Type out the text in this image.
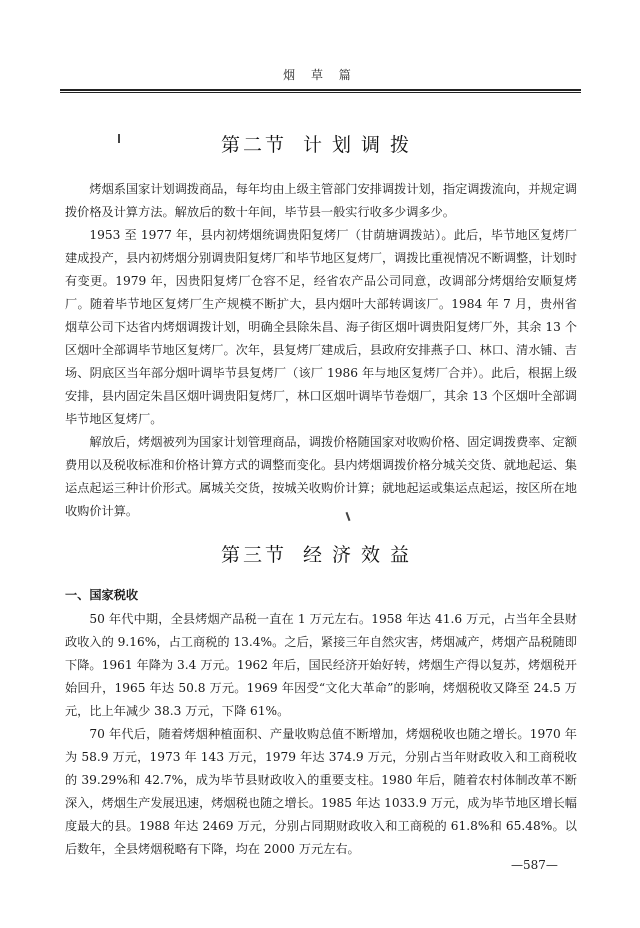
烟 草 篇
第二节 计划调拨

烤烟系国家计划调拨商品，每年均由上级主管部门安排调拨计划，指定调拨流向，并规定调拨价格及计算方法。解放后的数十年间，毕节县一般实行收多少调多少。

1953 至 1977 年，县内初烤烟统调贵阳复烤厂（甘荫塘调拨站）。此后，毕节地区复烤厂建成投产，县内初烤烟分别调贵阳复烤厂和毕节地区复烤厂，调拨比重视情况不断调整，计划时有变更。1979 年，因贵阳复烤厂仓容不足，经省农产品公司同意，改调部分烤烟给安顺复烤厂。随着毕节地区复烤厂生产规模不断扩大，县内烟叶大部转调该厂。1984 年 7 月，贵州省烟草公司下达省内烤烟调拨计划，明确全县除朱昌、海子街区烟叶调贵阳复烤厂外，其余 13 个区烟叶全部调毕节地区复烤厂。次年，县复烤厂建成后，县政府安排燕子口、林口、清水铺、吉场、阴底区当年部分烟叶调毕节县复烤厂（该厂 1986 年与地区复烤厂合并）。此后，根据上级安排，县内固定朱昌区烟叶调贵阳复烤厂，林口区烟叶调毕节卷烟厂，其余 13 个区烟叶全部调毕节地区复烤厂。

解放后，烤烟被列为国家计划管理商品，调拨价格随国家对收购价格、固定调拨费率、定额费用以及税收标准和价格计算方式的调整而变化。县内烤烟调拨价格分城关交货、就地起运、集运点起运三种计价形式。属城关交货，按城关收购价计算；就地起运或集运点起运，按区所在地收购价计算。

第三节 经济效益
一、国家税收

50 年代中期，全县烤烟产品税一直在 1 万元左右。1958 年达 41.6 万元，占当年全县财政收入的 9.16%，占工商税的 13.4%。之后，紧接三年自然灾害，烤烟减产，烤烟产品税随即下降。1961 年降为 3.4 万元。1962 年后，国民经济开始好转，烤烟生产得以复苏，烤烟税开始回升，1965 年达 50.8 万元。1969 年因受“文化大革命”的影响，烤烟税收又降至 24.5 万元，比上年减少 38.3 万元，下降 61%。

70 年代后，随着烤烟种植面积、产量收购总值不断增加，烤烟税收也随之增长。1970 年为 58.9 万元，1973 年 143 万元，1979 年达 374.9 万元，分别占当年财政收入和工商税收的 39.29%和 42.7%，成为毕节县财政收入的重要支柱。1980 年后，随着农村体制改革不断深入，烤烟生产发展迅速，烤烟税也随之增长。1985 年达 1033.9 万元，成为毕节地区增长幅度最大的县。1988 年达 2469 万元，分别占同期财政收入和工商税的 61.8%和 65.48%。以后数年，全县烤烟税略有下降，均在 2000 万元左右。

—587—
